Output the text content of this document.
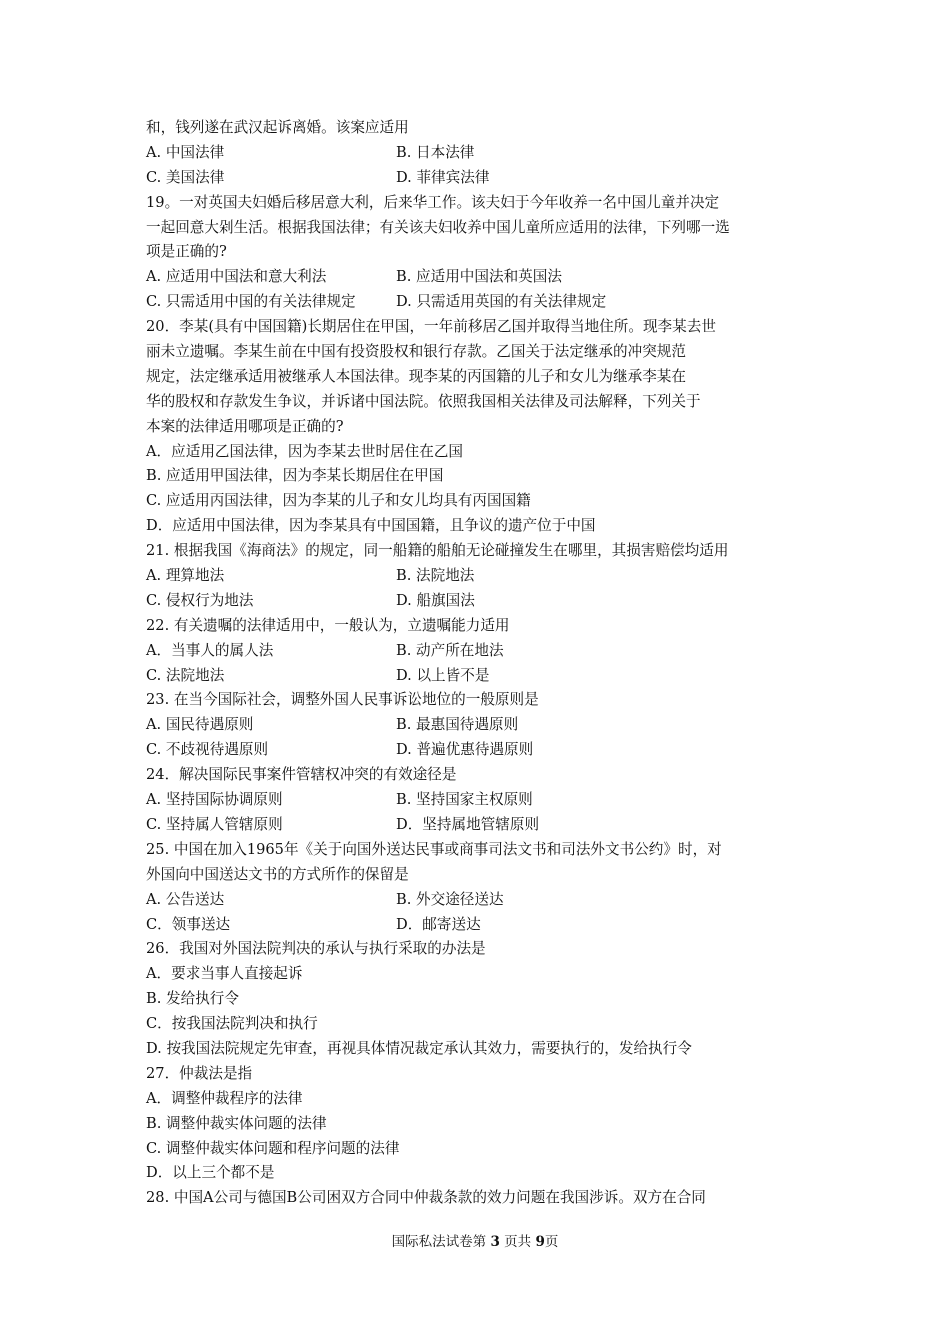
和，钱列遂在武汉起诉离婚。该案应适用
A. 中国法律	B. 日本法律
C. 美国法律	D. 菲律宾法律
19。一对英国夫妇婚后移居意大利，后来华工作。该夫妇于今年收养一名中国儿童并决定
一起回意大剁生活。根据我国法律；有关该夫妇收养中国儿童所应适用的法律，下列哪一选
项是正确的?
A. 应适用中国法和意大利法	B. 应适用中国法和英国法
C. 只需适用中国的有关法律规定	D. 只需适用英国的有关法律规定
20．李某(具有中国国籍)长期居住在甲国，一年前移居乙国并取得当地住所。现李某去世
丽未立遗嘱。李某生前在中国有投资股权和银行存款。乙国关于法定继承的冲突规范
规定，法定继承适用被继承人本国法律。现李某的丙国籍的儿子和女儿为继承李某在
华的股权和存款发生争议，并诉诸中国法院。依照我国相关法律及司法解释，下列关于
本案的法律适用哪项是正确的?
A．应适用乙国法律，因为李某去世时居住在乙国
B. 应适用甲国法律，因为李某长期居住在甲国
C. 应适用丙国法律，因为李某的儿子和女儿均具有丙国国籍
D．应适用中国法律，因为李某具有中国国籍，且争议的遗产位于中国
21. 根据我国《海商法》的规定，同一船籍的船舶无论碰撞发生在哪里，其损害赔偿均适用
A. 理算地法	B. 法院地法
C. 侵权行为地法	D. 船旗国法
22. 有关遗嘱的法律适用中，一般认为，立遗嘱能力适用
A．当事人的属人法	B. 动产所在地法
C. 法院地法	D. 以上皆不是
23. 在当今国际社会，调整外国人民事诉讼地位的一般原则是
A. 国民待遇原则	B. 最惠国待遇原则
C. 不歧视待遇原则	D. 普遍优惠待遇原则
24．解决国际民事案件管辖权冲突的有效途径是
A. 坚持国际协调原则	B. 坚持国家主权原则
C. 坚持属人管辖原则	D．坚持属地管辖原则
25. 中国在加入1965年《关于向国外送达民事或商事司法文书和司法外文书公约》时，对
外国向中国送达文书的方式所作的保留是
A. 公告送达	B. 外交途径送达
C．领事送达	D．邮寄送达
26．我国对外国法院判决的承认与执行采取的办法是
A．要求当事人直接起诉
B. 发给执行令
C．按我国法院判决和执行
D. 按我国法院规定先审查，再视具体情况裁定承认其效力，需要执行的，发给执行令
27．仲裁法是指
A．调整仲裁程序的法律
B. 调整仲裁实体问题的法律
C. 调整仲裁实体问题和程序问题的法律
D．以上三个都不是
28. 中国A公司与德国B公司困双方合同中仲裁条款的效力问题在我国涉诉。双方在合同
国际私法试卷第 3 页共 9页
